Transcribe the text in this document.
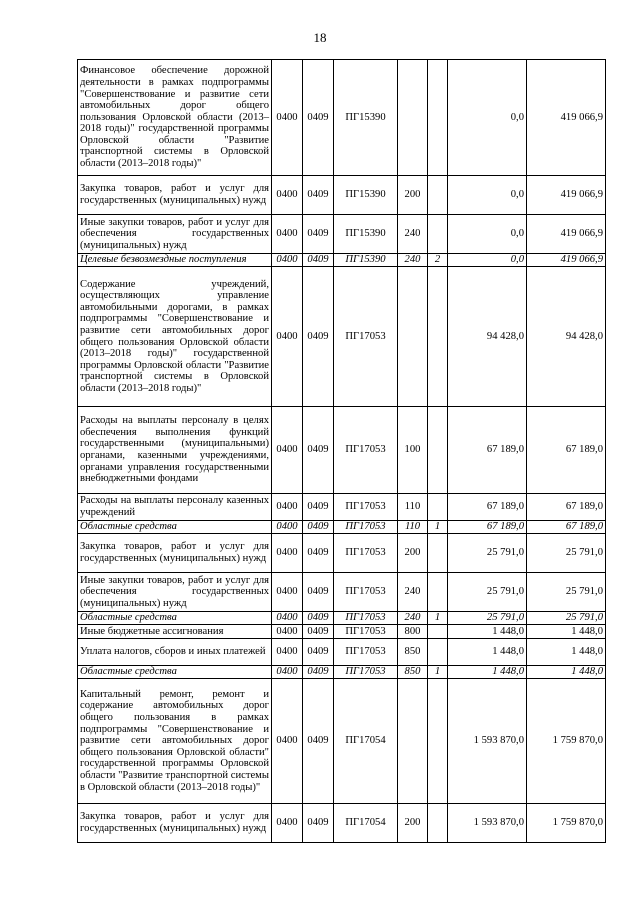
18
Финансовое обеспечение дорожной деятельности в рамках подпрограммы "Совершенствование и развитие сети автомобильных дорог общего пользования Орловской области (2013–2018 годы)" государственной программы Орловской области "Развитие транспортной системы в Орловской области (2013–2018 годы)"	0400	0409	ПГ15390			0,0	419 066,9
Закупка товаров, работ и услуг для государственных (муниципальных) нужд	0400	0409	ПГ15390	200		0,0	419 066,9
Иные закупки товаров, работ и услуг для обеспечения государственных (муниципальных) нужд	0400	0409	ПГ15390	240		0,0	419 066,9
Целевые безвозмездные поступления	0400	0409	ПГ15390	240	2	0,0	419 066,9
Содержание учреждений, осуществляющих управление автомобильными дорогами, в рамках подпрограммы "Совершенствование и развитие сети автомобильных дорог общего пользования Орловской области (2013–2018 годы)" государственной программы Орловской области "Развитие транспортной системы в Орловской области (2013–2018 годы)"	0400	0409	ПГ17053			94 428,0	94 428,0
Расходы на выплаты персоналу в целях обеспечения выполнения функций государственными (муниципальными) органами, казенными учреждениями, органами управления государственными внебюджетными фондами	0400	0409	ПГ17053	100		67 189,0	67 189,0
Расходы на выплаты персоналу казенных учреждений	0400	0409	ПГ17053	110		67 189,0	67 189,0
Областные средства	0400	0409	ПГ17053	110	1	67 189,0	67 189,0
Закупка товаров, работ и услуг для государственных (муниципальных) нужд	0400	0409	ПГ17053	200		25 791,0	25 791,0
Иные закупки товаров, работ и услуг для обеспечения государственных (муниципальных) нужд	0400	0409	ПГ17053	240		25 791,0	25 791,0
Областные средства	0400	0409	ПГ17053	240	1	25 791,0	25 791,0
Иные бюджетные ассигнования	0400	0409	ПГ17053	800		1 448,0	1 448,0
Уплата налогов, сборов и иных платежей	0400	0409	ПГ17053	850		1 448,0	1 448,0
Областные средства	0400	0409	ПГ17053	850	1	1 448,0	1 448,0
Капитальный ремонт, ремонт и содержание автомобильных дорог общего пользования в рамках подпрограммы "Совершенствование и развитие сети автомобильных дорог общего пользования Орловской области" государственной программы Орловской области "Развитие транспортной системы в Орловской области (2013–2018 годы)"	0400	0409	ПГ17054			1 593 870,0	1 759 870,0
Закупка товаров, работ и услуг для государственных (муниципальных) нужд	0400	0409	ПГ17054	200		1 593 870,0	1 759 870,0
